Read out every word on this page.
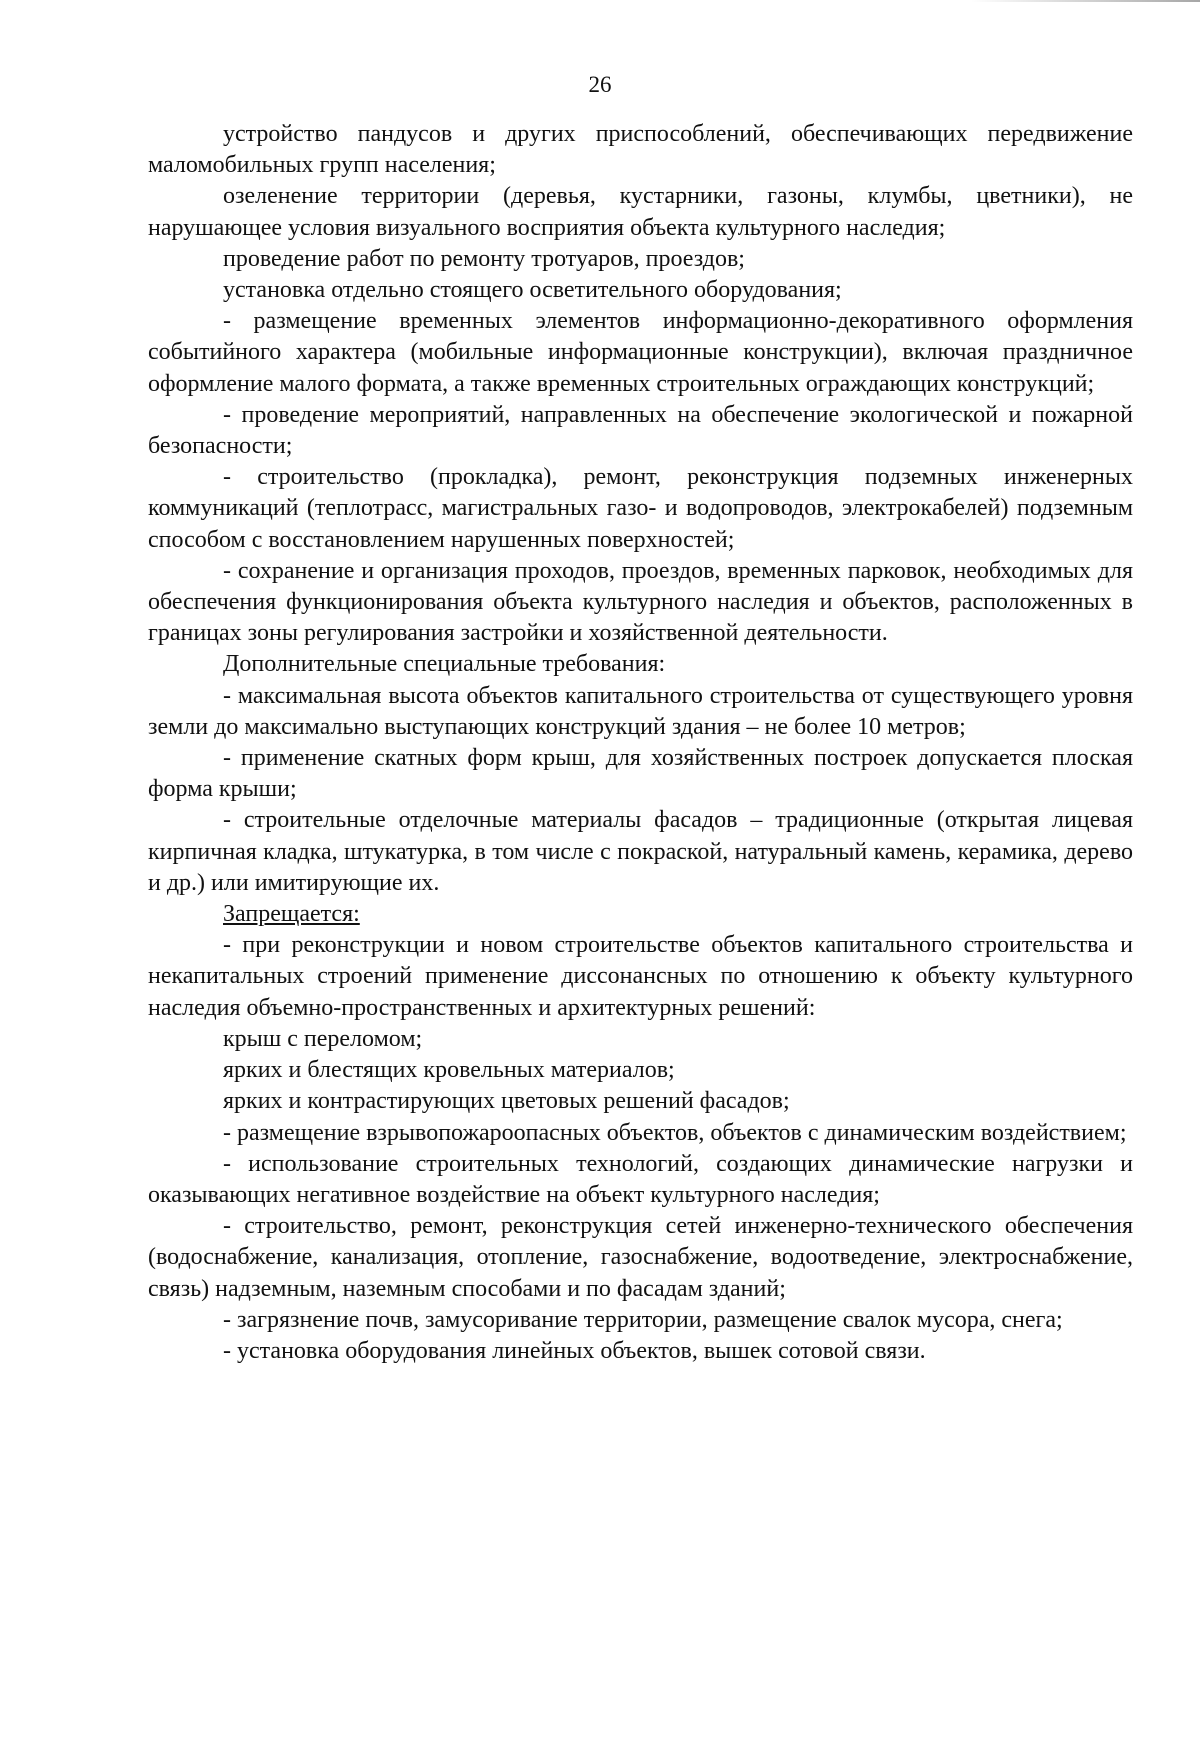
26

устройство пандусов и других приспособлений, обеспечивающих передвижение маломобильных групп населения;

озеленение территории (деревья, кустарники, газоны, клумбы, цветники), не нарушающее условия визуального восприятия объекта культурного наследия;

проведение работ по ремонту тротуаров, проездов;

установка отдельно стоящего осветительного оборудования;

- размещение временных элементов информационно-декоративного оформления событийного характера (мобильные информационные конструкции), включая праздничное оформление малого формата, а также временных строительных ограждающих конструкций;

- проведение мероприятий, направленных на обеспечение экологической и пожарной безопасности;

- строительство (прокладка), ремонт, реконструкция подземных инженерных коммуникаций (теплотрасс, магистральных газо- и водопроводов, электрокабелей) подземным способом с восстановлением нарушенных поверхностей;

- сохранение и организация проходов, проездов, временных парковок, необходимых для обеспечения функционирования объекта культурного наследия и объектов, расположенных в границах зоны регулирования застройки и хозяйственной деятельности.

Дополнительные специальные требования:

- максимальная высота объектов капитального строительства от существующего уровня земли до максимально выступающих конструкций здания – не более 10 метров;

- применение скатных форм крыш, для хозяйственных построек допускается плоская форма крыши;

- строительные отделочные материалы фасадов – традиционные (открытая лицевая кирпичная кладка, штукатурка, в том числе с покраской, натуральный камень, керамика, дерево и др.) или имитирующие их.

Запрещается:

- при реконструкции и новом строительстве объектов капитального строительства и некапитальных строений применение диссонансных по отношению к объекту культурного наследия объемно-пространственных и архитектурных решений:

крыш с переломом;

ярких и блестящих кровельных материалов;

ярких и контрастирующих цветовых решений фасадов;

- размещение взрывопожароопасных объектов, объектов с динамическим воздействием;

- использование строительных технологий, создающих динамические нагрузки и оказывающих негативное воздействие на объект культурного наследия;

- строительство, ремонт, реконструкция сетей инженерно-технического обеспечения (водоснабжение, канализация, отопление, газоснабжение, водоотведение, электроснабжение, связь) надземным, наземным способами и по фасадам зданий;

- загрязнение почв, замусоривание территории, размещение свалок мусора, снега;

- установка оборудования линейных объектов, вышек сотовой связи.
